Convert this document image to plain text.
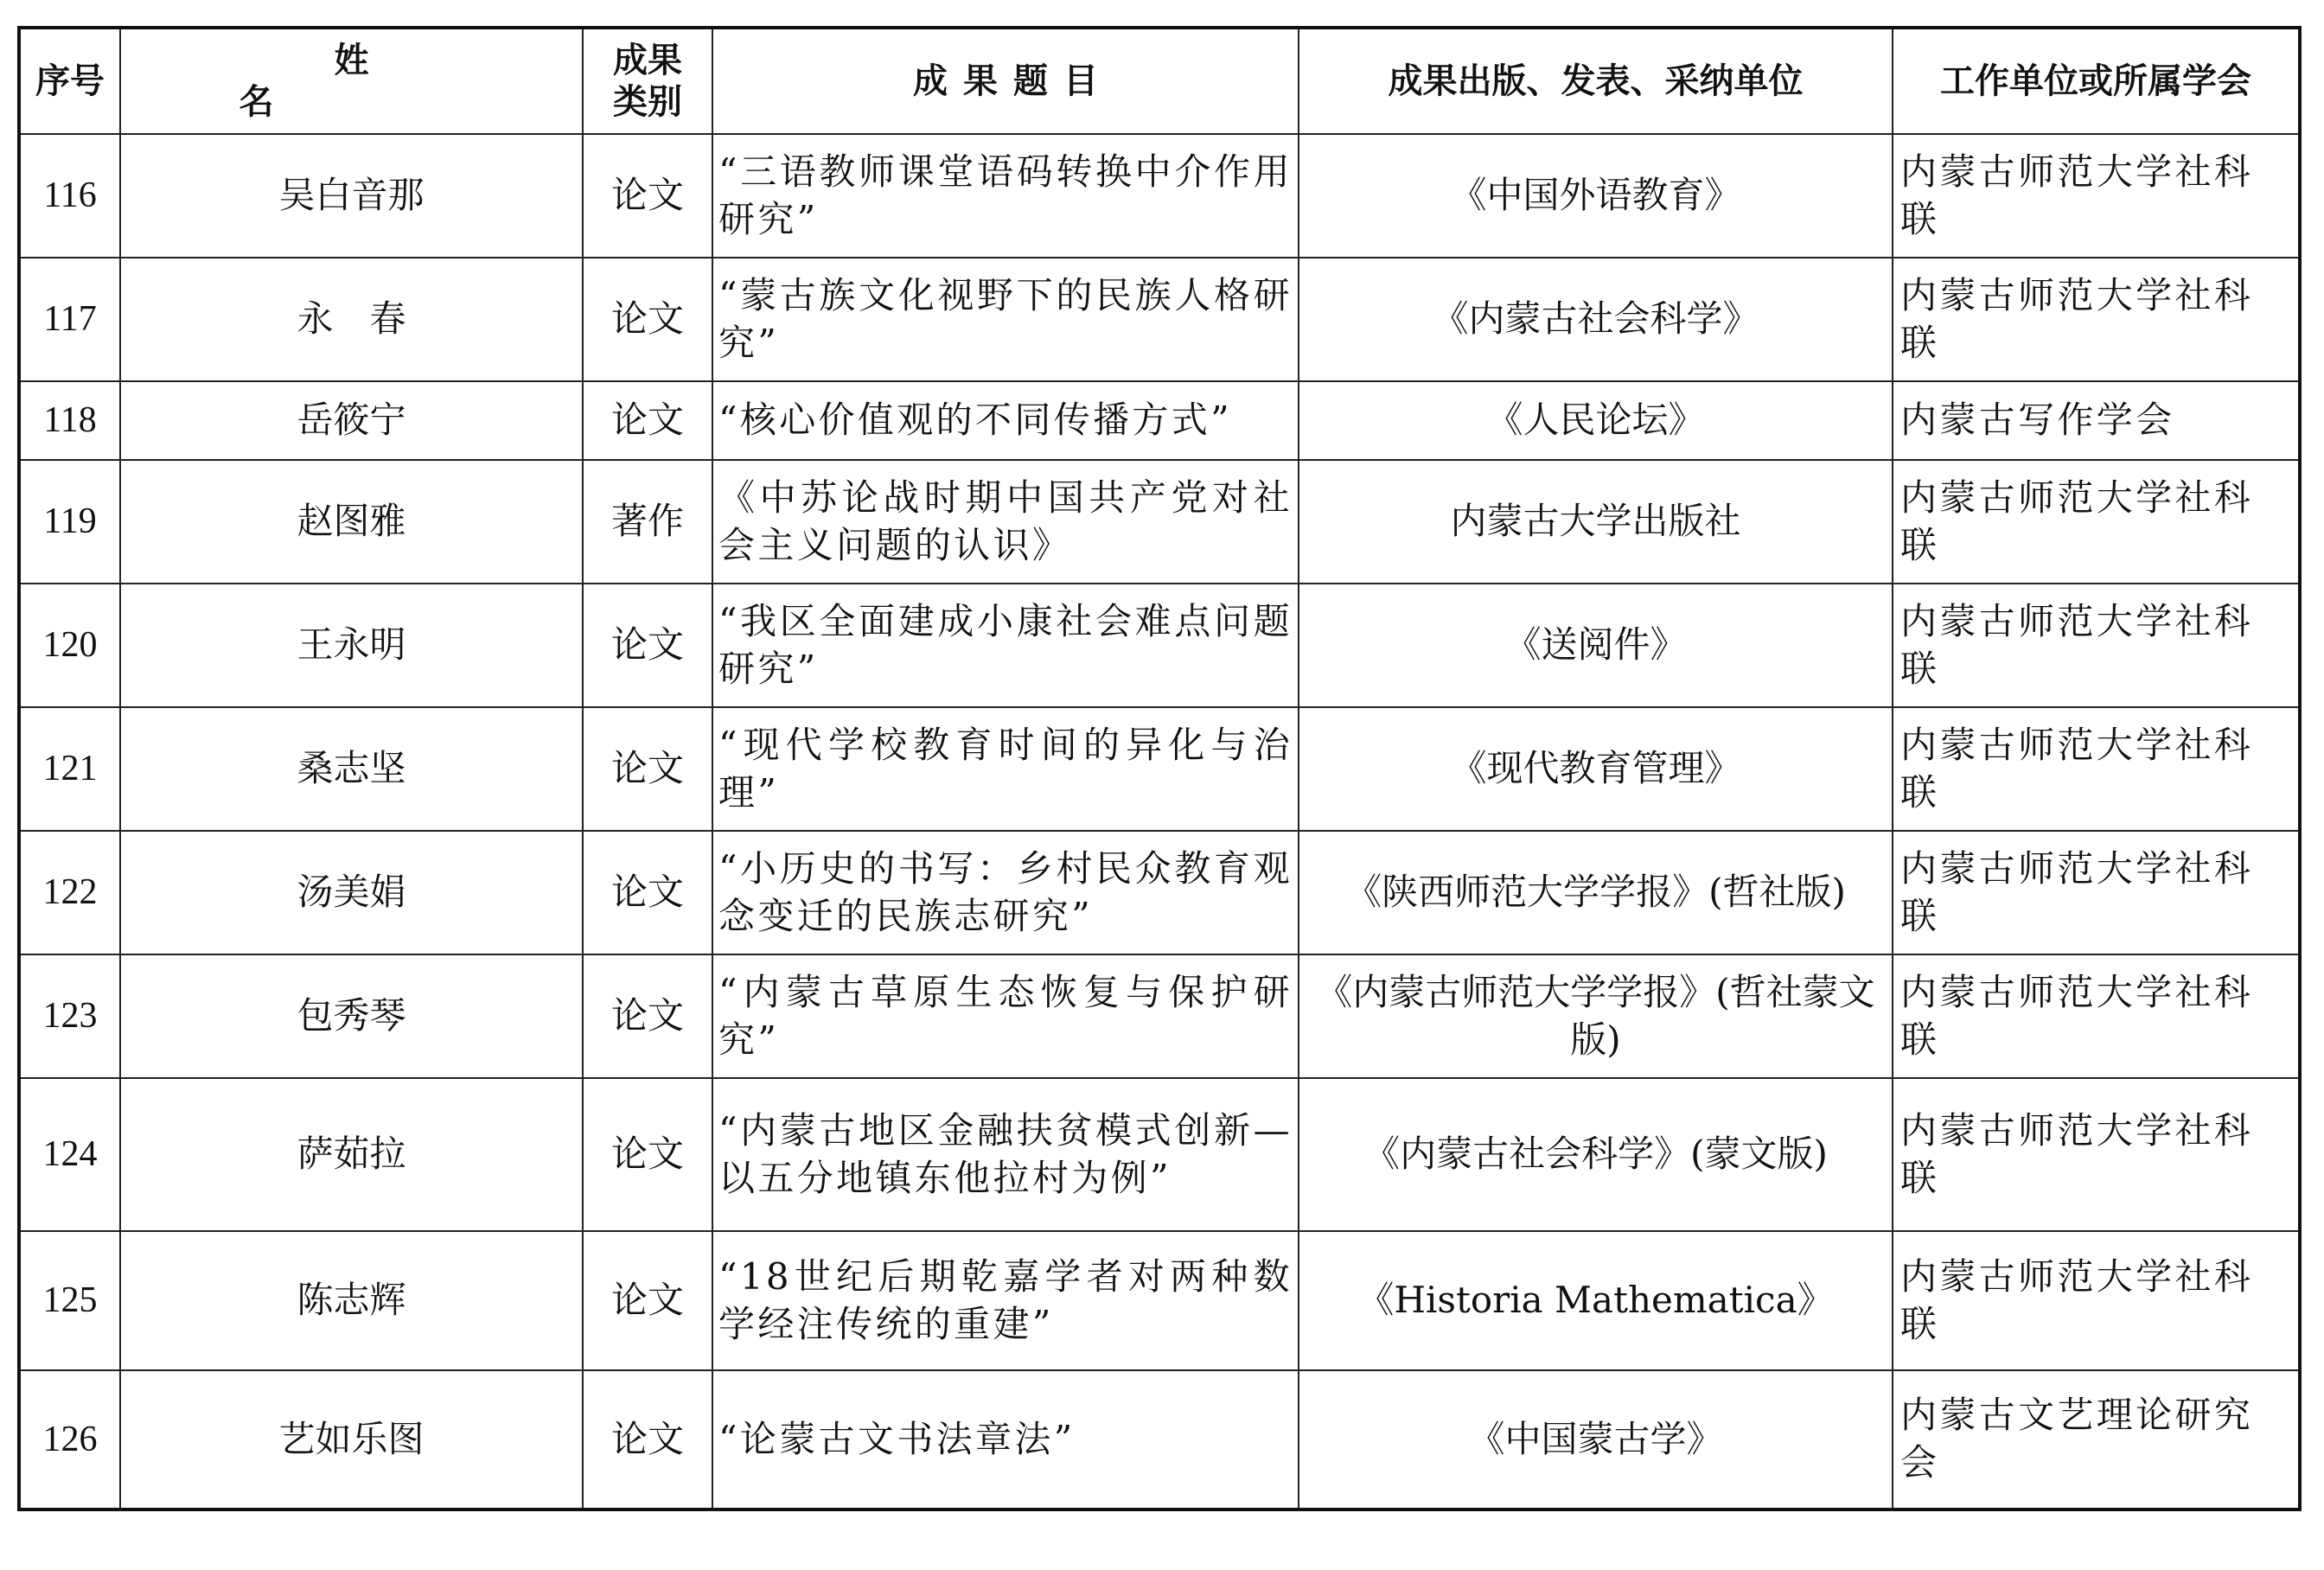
序号	姓名	成果类别	成果题目	成果出版、发表、采纳单位	工作单位或所属学会
116	吴白音那	论文	“三语教师课堂语码转换中介作用研究”	《中国外语教育》	内蒙古师范大学社科联
117	永　春	论文	“蒙古族文化视野下的民族人格研究”	《内蒙古社会科学》	内蒙古师范大学社科联
118	岳筱宁	论文	“核心价值观的不同传播方式”	《人民论坛》	内蒙古写作学会
119	赵图雅	著作	《中苏论战时期中国共产党对社会主义问题的认识》	内蒙古大学出版社	内蒙古师范大学社科联
120	王永明	论文	“我区全面建成小康社会难点问题研究”	《送阅件》	内蒙古师范大学社科联
121	桑志坚	论文	“现代学校教育时间的异化与治理”	《现代教育管理》	内蒙古师范大学社科联
122	汤美娟	论文	“小历史的书写：乡村民众教育观念变迁的民族志研究”	《陕西师范大学学报》(哲社版)	内蒙古师范大学社科联
123	包秀琴	论文	“内蒙古草原生态恢复与保护研究”	《内蒙古师范大学学报》(哲社蒙文版)	内蒙古师范大学社科联
124	萨茹拉	论文	“内蒙古地区金融扶贫模式创新—以五分地镇东他拉村为例”	《内蒙古社会科学》(蒙文版)	内蒙古师范大学社科联
125	陈志辉	论文	“18世纪后期乾嘉学者对两种数学经注传统的重建”	《Historia Mathematica》	内蒙古师范大学社科联
126	艺如乐图	论文	“论蒙古文书法章法”	《中国蒙古学》	内蒙古文艺理论研究会
